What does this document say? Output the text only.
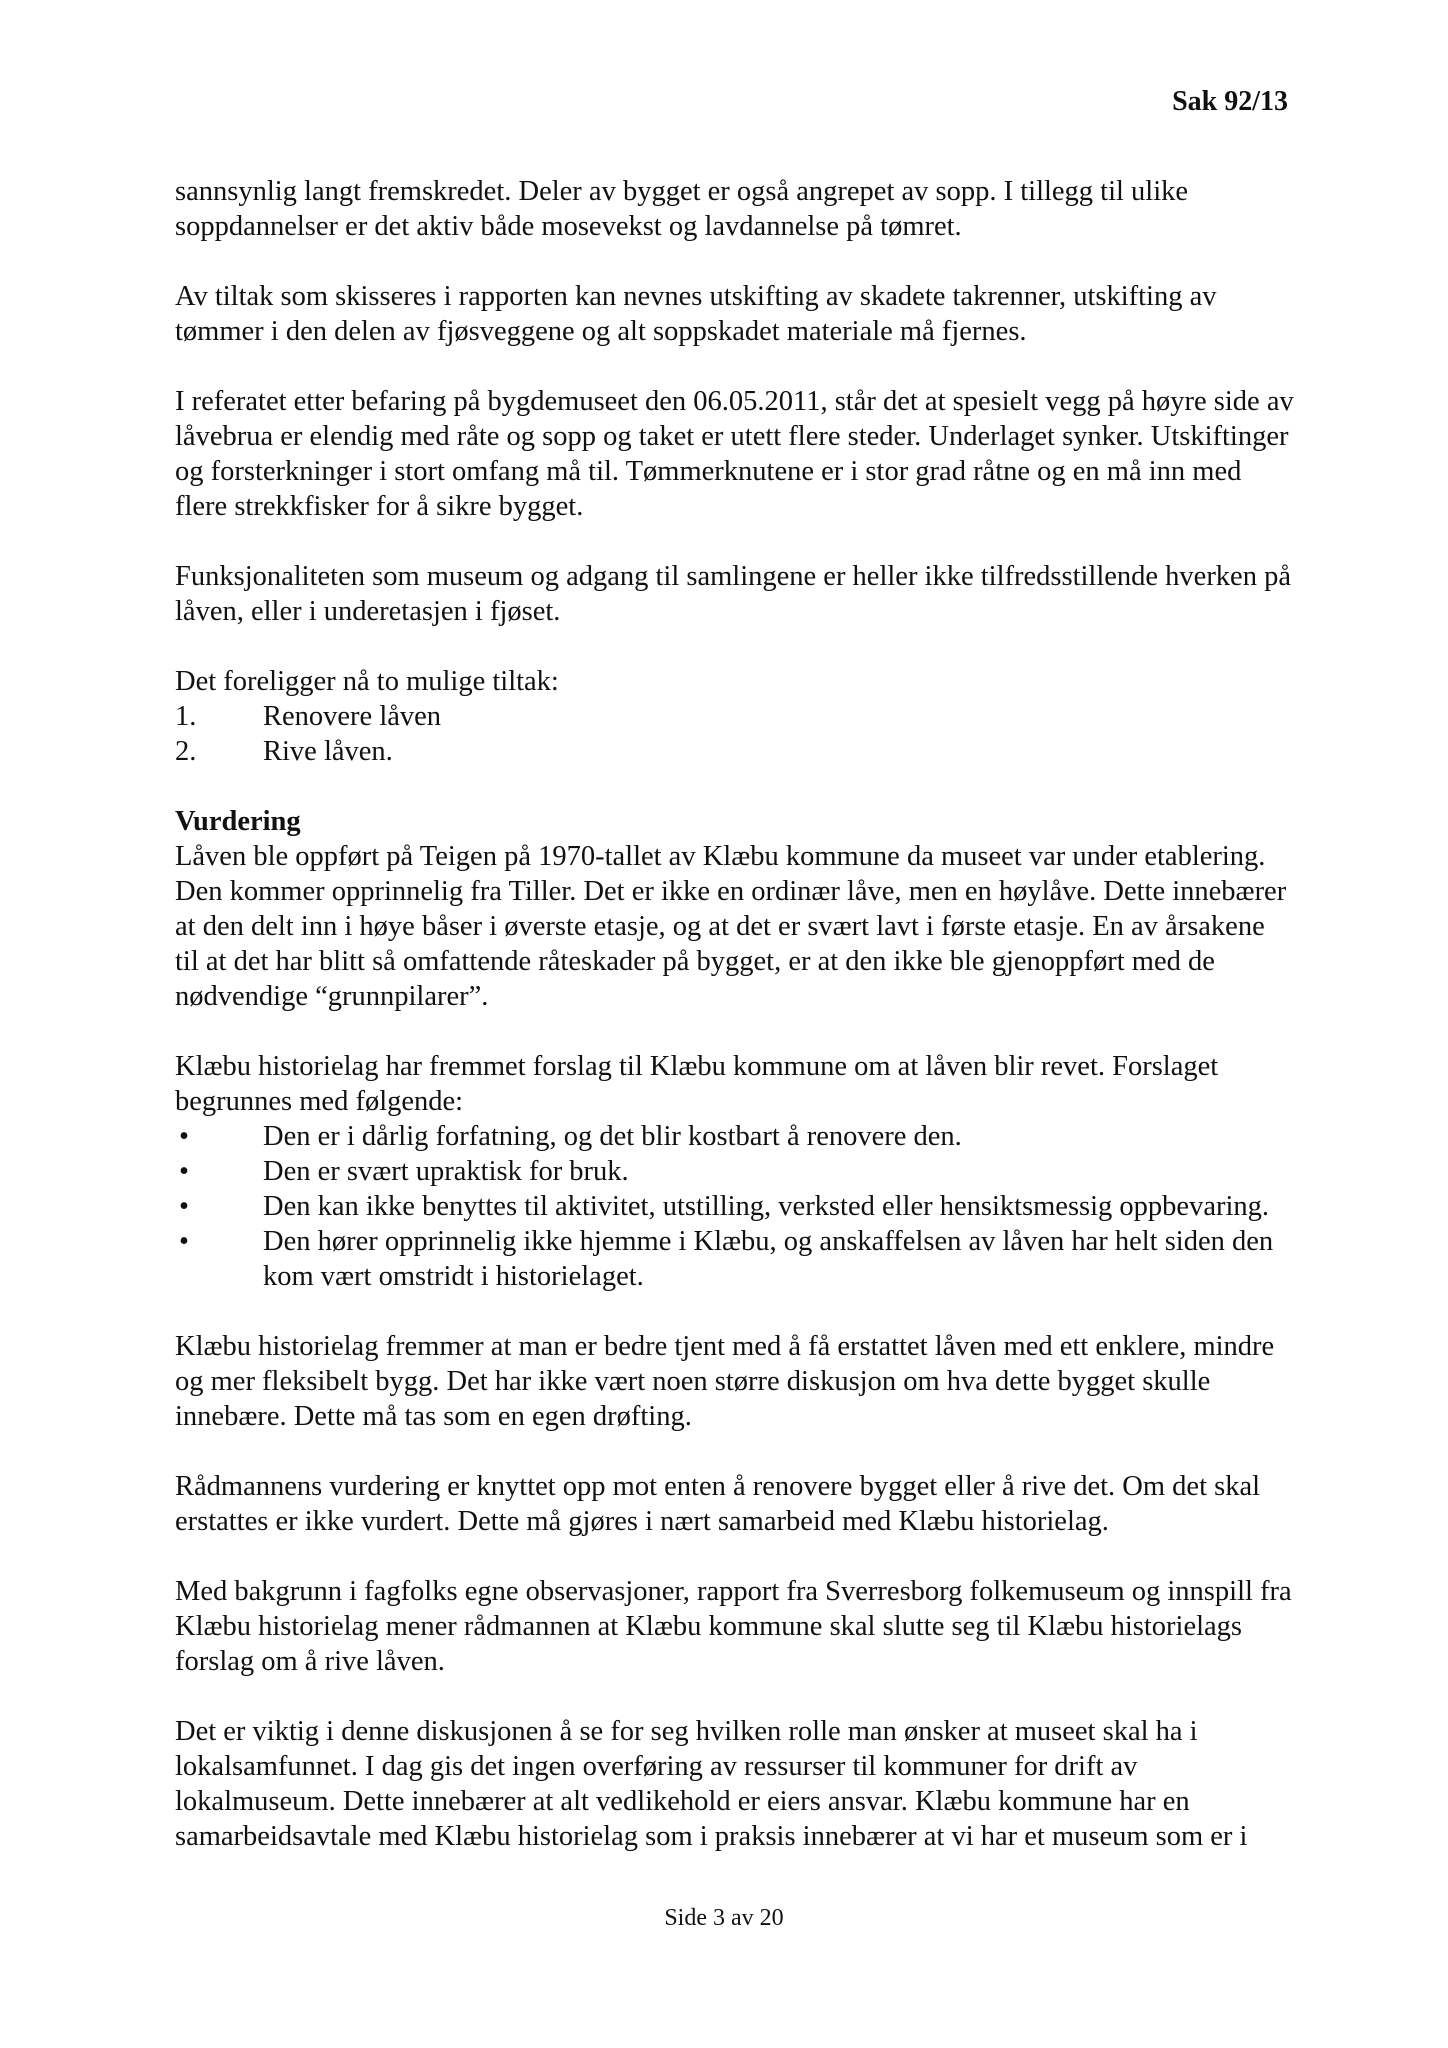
Sak 92/13

sannsynlig langt fremskredet. Deler av bygget er også angrepet av sopp. I tillegg til ulike soppdannelser er det aktiv både mosevekst og lavdannelse på tømret.

Av tiltak som skisseres i rapporten kan nevnes utskifting av skadete takrenner, utskifting av tømmer i den delen av fjøsveggene og alt soppskadet materiale må fjernes.

I referatet etter befaring på bygdemuseet den 06.05.2011, står det at spesielt vegg på høyre side av låvebrua er elendig med råte og sopp og taket er utett flere steder. Underlaget synker. Utskiftinger og forsterkninger i stort omfang må til. Tømmerknutene er i stor grad råtne og en må inn med flere strekkfisker for å sikre bygget.

Funksjonaliteten som museum og adgang til samlingene er heller ikke tilfredsstillende hverken på låven, eller i underetasjen i fjøset.

Det foreligger nå to mulige tiltak:

1.	Renovere låven
2.	Rive låven.
Vurdering

Låven ble oppført på Teigen på 1970-tallet av Klæbu kommune da museet var under etablering. Den kommer opprinnelig fra Tiller. Det er ikke en ordinær låve, men en høylåve. Dette innebærer at den delt inn i høye båser i øverste etasje, og at det er svært lavt i første etasje. En av årsakene til at det har blitt så omfattende råteskader på bygget, er at den ikke ble gjenoppført med de nødvendige “grunnpilarer”.

Klæbu historielag har fremmet forslag til Klæbu kommune om at låven blir revet. Forslaget begrunnes med følgende:

•	Den er i dårlig forfatning, og det blir kostbart å renovere den.
•	Den er svært upraktisk for bruk.
•	Den kan ikke benyttes til aktivitet, utstilling, verksted eller hensiktsmessig oppbevaring.
•	Den hører opprinnelig ikke hjemme i Klæbu, og anskaffelsen av låven har helt siden den kom vært omstridt i historielaget.

Klæbu historielag fremmer at man er bedre tjent med å få erstattet låven med ett enklere, mindre og mer fleksibelt bygg. Det har ikke vært noen større diskusjon om hva dette bygget skulle innebære. Dette må tas som en egen drøfting.

Rådmannens vurdering er knyttet opp mot enten å renovere bygget eller å rive det. Om det skal erstattes er ikke vurdert. Dette må gjøres i nært samarbeid med Klæbu historielag.

Med bakgrunn i fagfolks egne observasjoner, rapport fra Sverresborg folkemuseum og innspill fra Klæbu historielag mener rådmannen at Klæbu kommune skal slutte seg til Klæbu historielags forslag om å rive låven.

Det er viktig i denne diskusjonen å se for seg hvilken rolle man ønsker at museet skal ha i lokalsamfunnet. I dag gis det ingen overføring av ressurser til kommuner for drift av lokalmuseum. Dette innebærer at alt vedlikehold er eiers ansvar. Klæbu kommune har en samarbeidsavtale med Klæbu historielag som i praksis innebærer at vi har et museum som er i

Side 3 av 20
